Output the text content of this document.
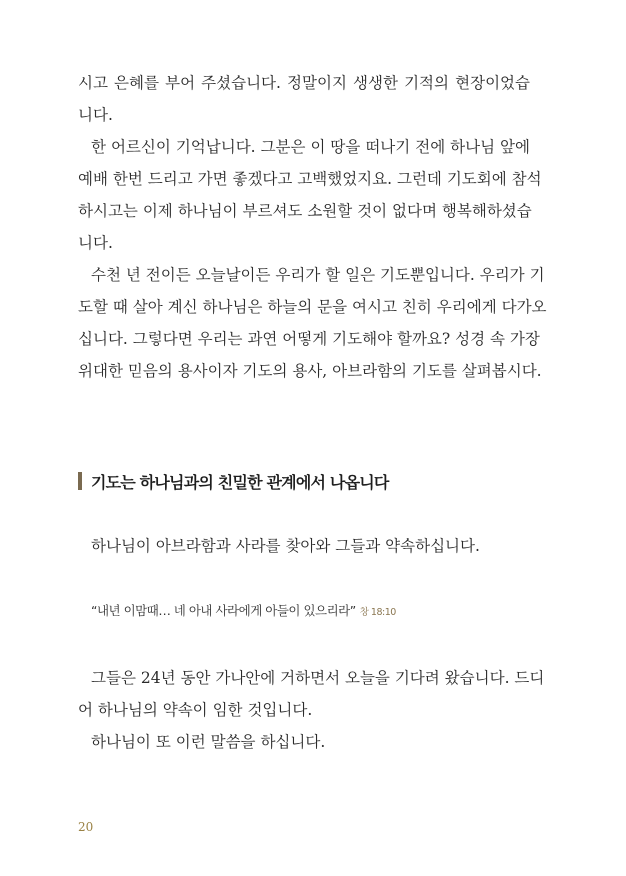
시고 은혜를 부어 주셨습니다. 정말이지 생생한 기적의 현장이었습
니다.
한 어르신이 기억납니다. 그분은 이 땅을 떠나기 전에 하나님 앞에
예배 한번 드리고 가면 좋겠다고 고백했었지요. 그런데 기도회에 참석
하시고는 이제 하나님이 부르셔도 소원할 것이 없다며 행복해하셨습
니다.
수천 년 전이든 오늘날이든 우리가 할 일은 기도뿐입니다. 우리가 기
도할 때 살아 계신 하나님은 하늘의 문을 여시고 친히 우리에게 다가오
십니다. 그렇다면 우리는 과연 어떻게 기도해야 할까요? 성경 속 가장
위대한 믿음의 용사이자 기도의 용사, 아브라함의 기도를 살펴봅시다.
기도는 하나님과의 친밀한 관계에서 나옵니다
하나님이 아브라함과 사라를 찾아와 그들과 약속하십니다.
“내년 이맘때… 네 아내 사라에게 아들이 있으리라” 창 18:10
그들은 24년 동안 가나안에 거하면서 오늘을 기다려 왔습니다. 드디
어 하나님의 약속이 임한 것입니다.
하나님이 또 이런 말씀을 하십니다.
20
